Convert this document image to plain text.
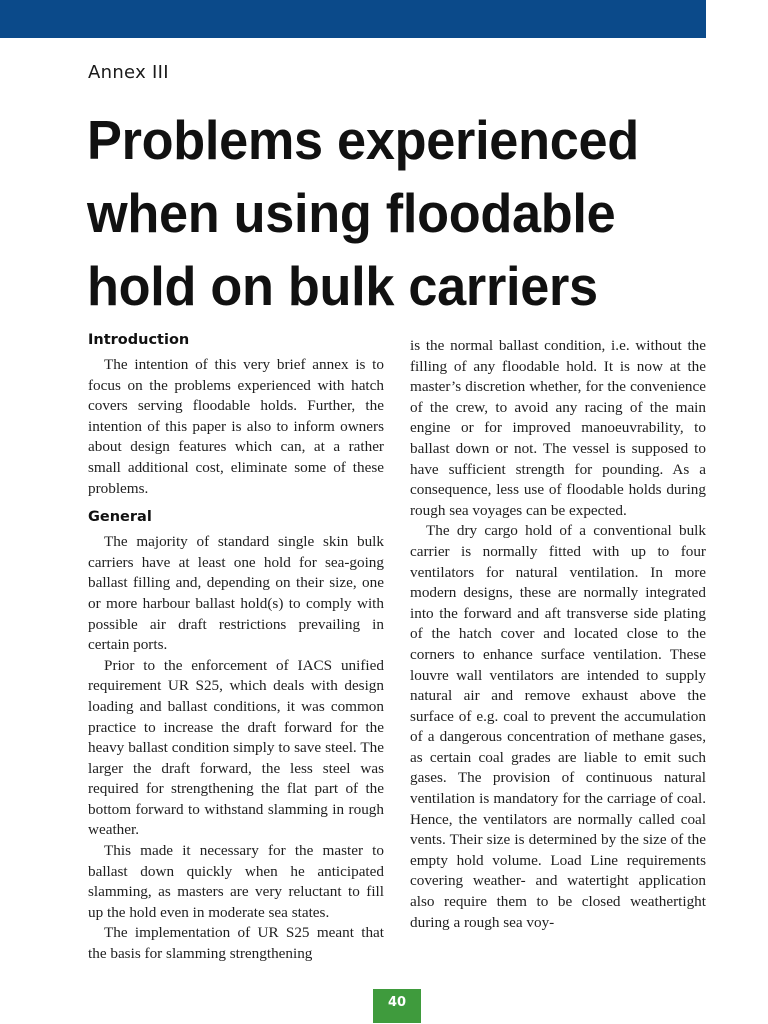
Annex III
Problems experienced when using floodable hold on bulk carriers
Introduction

The intention of this very brief annex is to focus on the problems experienced with hatch covers serving floodable holds. Further, the intention of this paper is also to inform owners about design features which can, at a rather small additional cost, eliminate some of these problems.

General

The majority of standard single skin bulk carriers have at least one hold for sea-going ballast filling and, depending on their size, one or more harbour ballast hold(s) to comply with possible air draft restrictions prevailing in certain ports.

Prior to the enforcement of IACS unified requirement UR S25, which deals with design loading and ballast conditions, it was common practice to increase the draft forward for the heavy ballast condition simply to save steel. The larger the draft forward, the less steel was required for strengthening the flat part of the bottom forward to withstand slamming in rough weather.

This made it necessary for the master to ballast down quickly when he anticipated slamming, as masters are very reluctant to fill up the hold even in moderate sea states.

The implementation of UR S25 meant that the basis for slamming strengthening

is the normal ballast condition, i.e. without the filling of any floodable hold. It is now at the master’s discretion whether, for the convenience of the crew, to avoid any racing of the main engine or for improved manoeuvrability, to ballast down or not. The vessel is supposed to have sufficient strength for pounding. As a consequence, less use of floodable holds during rough sea voyages can be expected.

The dry cargo hold of a conventional bulk carrier is normally fitted with up to four ventilators for natural ventilation. In more modern designs, these are normally integrated into the forward and aft transverse side plating of the hatch cover and located close to the corners to enhance surface ventilation. These louvre wall ventilators are intended to supply natural air and remove exhaust above the surface of e.g. coal to prevent the accumulation of a dangerous concentration of methane gases, as certain coal grades are liable to emit such gases. The provision of continuous natural ventilation is mandatory for the carriage of coal. Hence, the ventilators are normally called coal vents. Their size is determined by the size of the empty hold volume. Load Line requirements covering weather- and watertight application also require them to be closed weathertight during a rough sea voy-

40
